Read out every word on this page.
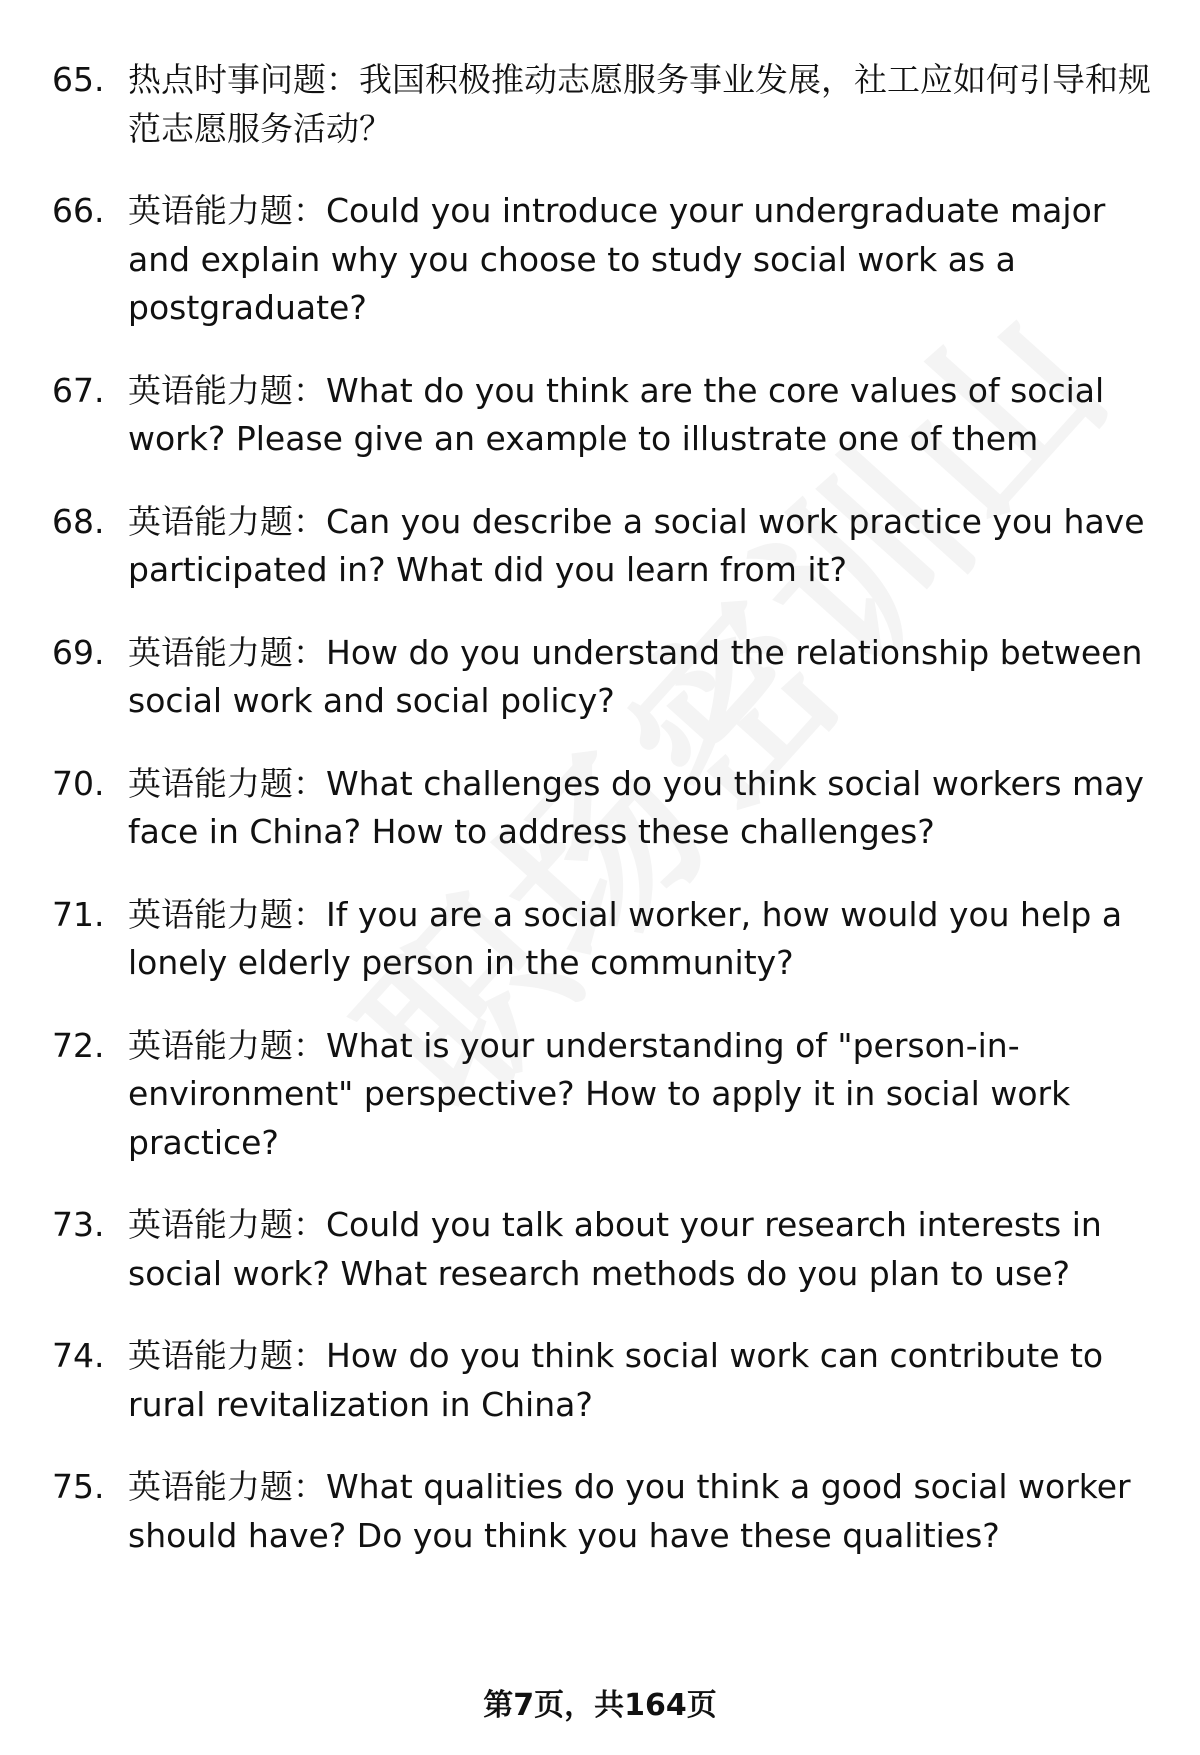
65. 热点时事问题：我国积极推动志愿服务事业发展，社工应如何引导和规范志愿服务活动？
66. 英语能力题：Could you introduce your undergraduate major and explain why you choose to study social work as a postgraduate?
67. 英语能力题：What do you think are the core values of social work? Please give an example to illustrate one of them
68. 英语能力题：Can you describe a social work practice you have participated in? What did you learn from it?
69. 英语能力题：How do you understand the relationship between social work and social policy?
70. 英语能力题：What challenges do you think social workers may face in China? How to address these challenges?
71. 英语能力题：If you are a social worker, how would you help a lonely elderly person in the community?
72. 英语能力题：What is your understanding of "person-in-environment" perspective? How to apply it in social work practice?
73. 英语能力题：Could you talk about your research interests in social work? What research methods do you plan to use?
74. 英语能力题：How do you think social work can contribute to rural revitalization in China?
75. 英语能力题：What qualities do you think a good social worker should have? Do you think you have these qualities?
第7页，共164页
